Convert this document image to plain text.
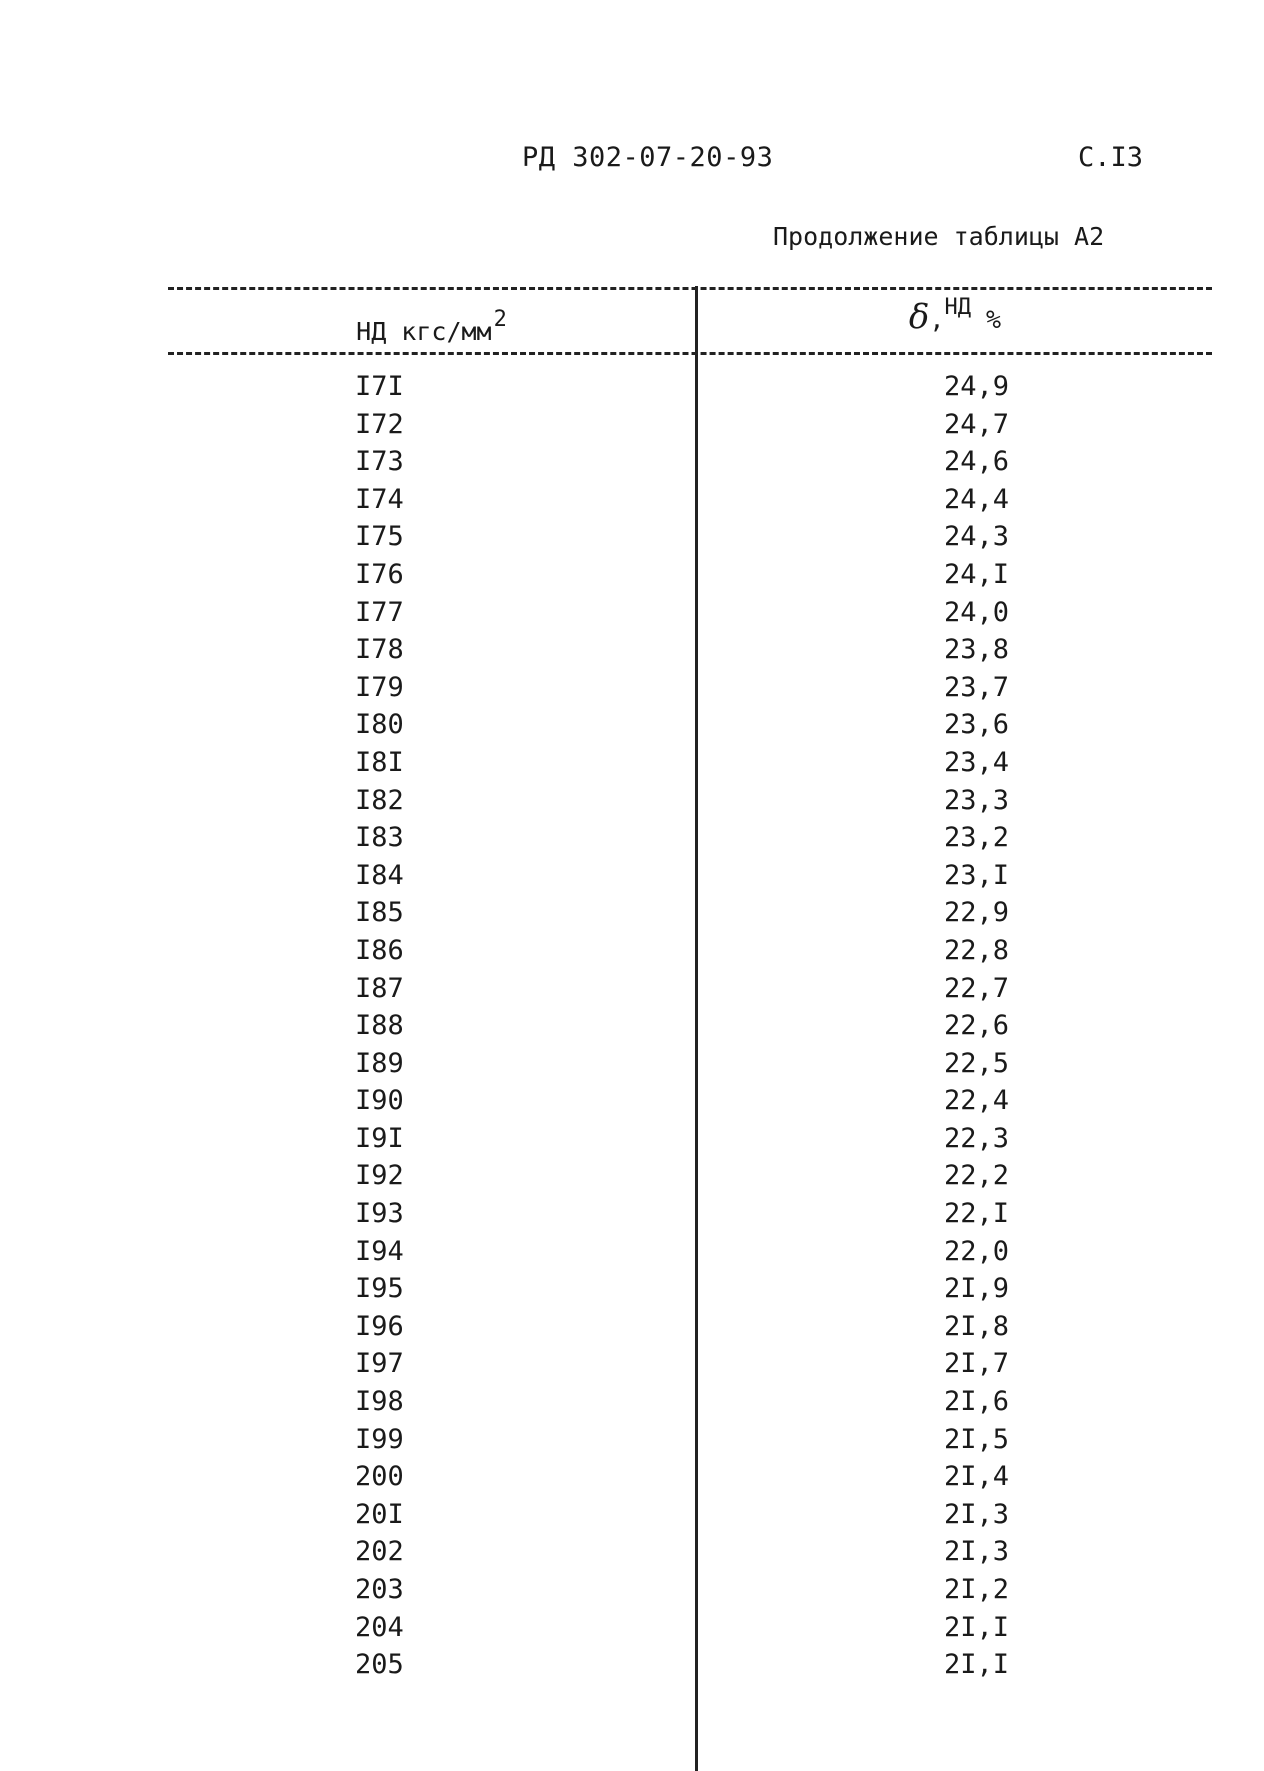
РД 302-07-20-93	С.I3
Продолжение таблицы А2
НД кгс/$мм^2$	δ,НД %
I7I	24,9
I72	24,7
I73	24,6
I74	24,4
I75	24,3
I76	24,I
I77	24,0
I78	23,8
I79	23,7
I80	23,6
I8I	23,4
I82	23,3
I83	23,2
I84	23,I
I85	22,9
I86	22,8
I87	22,7
I88	22,6
I89	22,5
I90	22,4
I9I	22,3
I92	22,2
I93	22,I
I94	22,0
I95	2I,9
I96	2I,8
I97	2I,7
I98	2I,6
I99	2I,5
200	2I,4
20I	2I,3
202	2I,3
203	2I,2
204	2I,I
205	2I,I
